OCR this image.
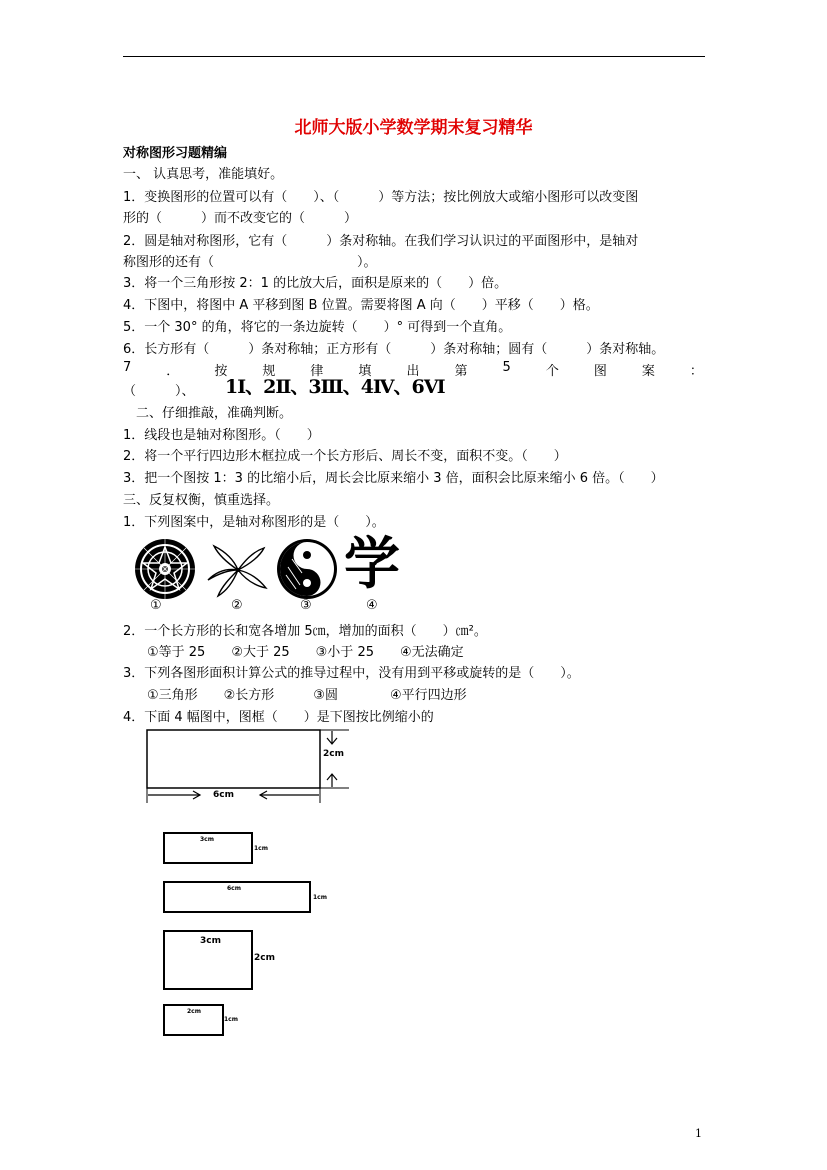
北师大版小学数学期末复习精华
对称图形习题精编
一、 认真思考，准能填好。
1．变换图形的位置可以有（　　）、（　　　）等方法；按比例放大或缩小图形可以改变图
形的（　　　）而不改变它的（　　　）
2．圆是轴对称图形，它有（　　　）条对称轴。在我们学习认识过的平面图形中，是轴对
称图形的还有（　　　　　　　　　　　）。
3．将一个三角形按 2：1 的比放大后，面积是原来的（　　）倍。
4．下图中，将图中 A 平移到图 B 位置。需要将图 A 向（　　）平移（　　）格。
5．一个 30° 的角，将它的一条边旋转（　　）° 可得到一个直角。
6．长方形有（　　　）条对称轴；正方形有（　　　）条对称轴；圆有（　　　）条对称轴。
7	．	按	规	律	填	出	第	5	个	图	案	：
（　　　）、 1Ⅰ、2Ⅱ、3Ⅲ、4Ⅳ、6Ⅵ
二、仔细推敲，准确判断。
1．线段也是轴对称图形。（　　）
2．将一个平行四边形木框拉成一个长方形后、周长不变，面积不变。（　　）
3．把一个图按 1：3 的比缩小后，周长会比原来缩小 3 倍，面积会比原来缩小 6 倍。（　　）
三、反复权衡，慎重选择。
1．下列图案中，是轴对称图形的是（　　）。
学
①	②	③	④
2．一个长方形的长和宽各增加 5㎝，增加的面积（　　）㎝²。
①等于 25　　②大于 25　　③小于 25　　④无法确定
3．下列各图形面积计算公式的推导过程中，没有用到平移或旋转的是（　　）。
①三角形　　②长方形　　　③圆　　　　④平行四边形
4．下面 4 幅图中，图框（　　）是下图按比例缩小的
2cm
6cm
3cm
1cm
6cm
1cm
3cm
2cm
2cm
1cm
1
